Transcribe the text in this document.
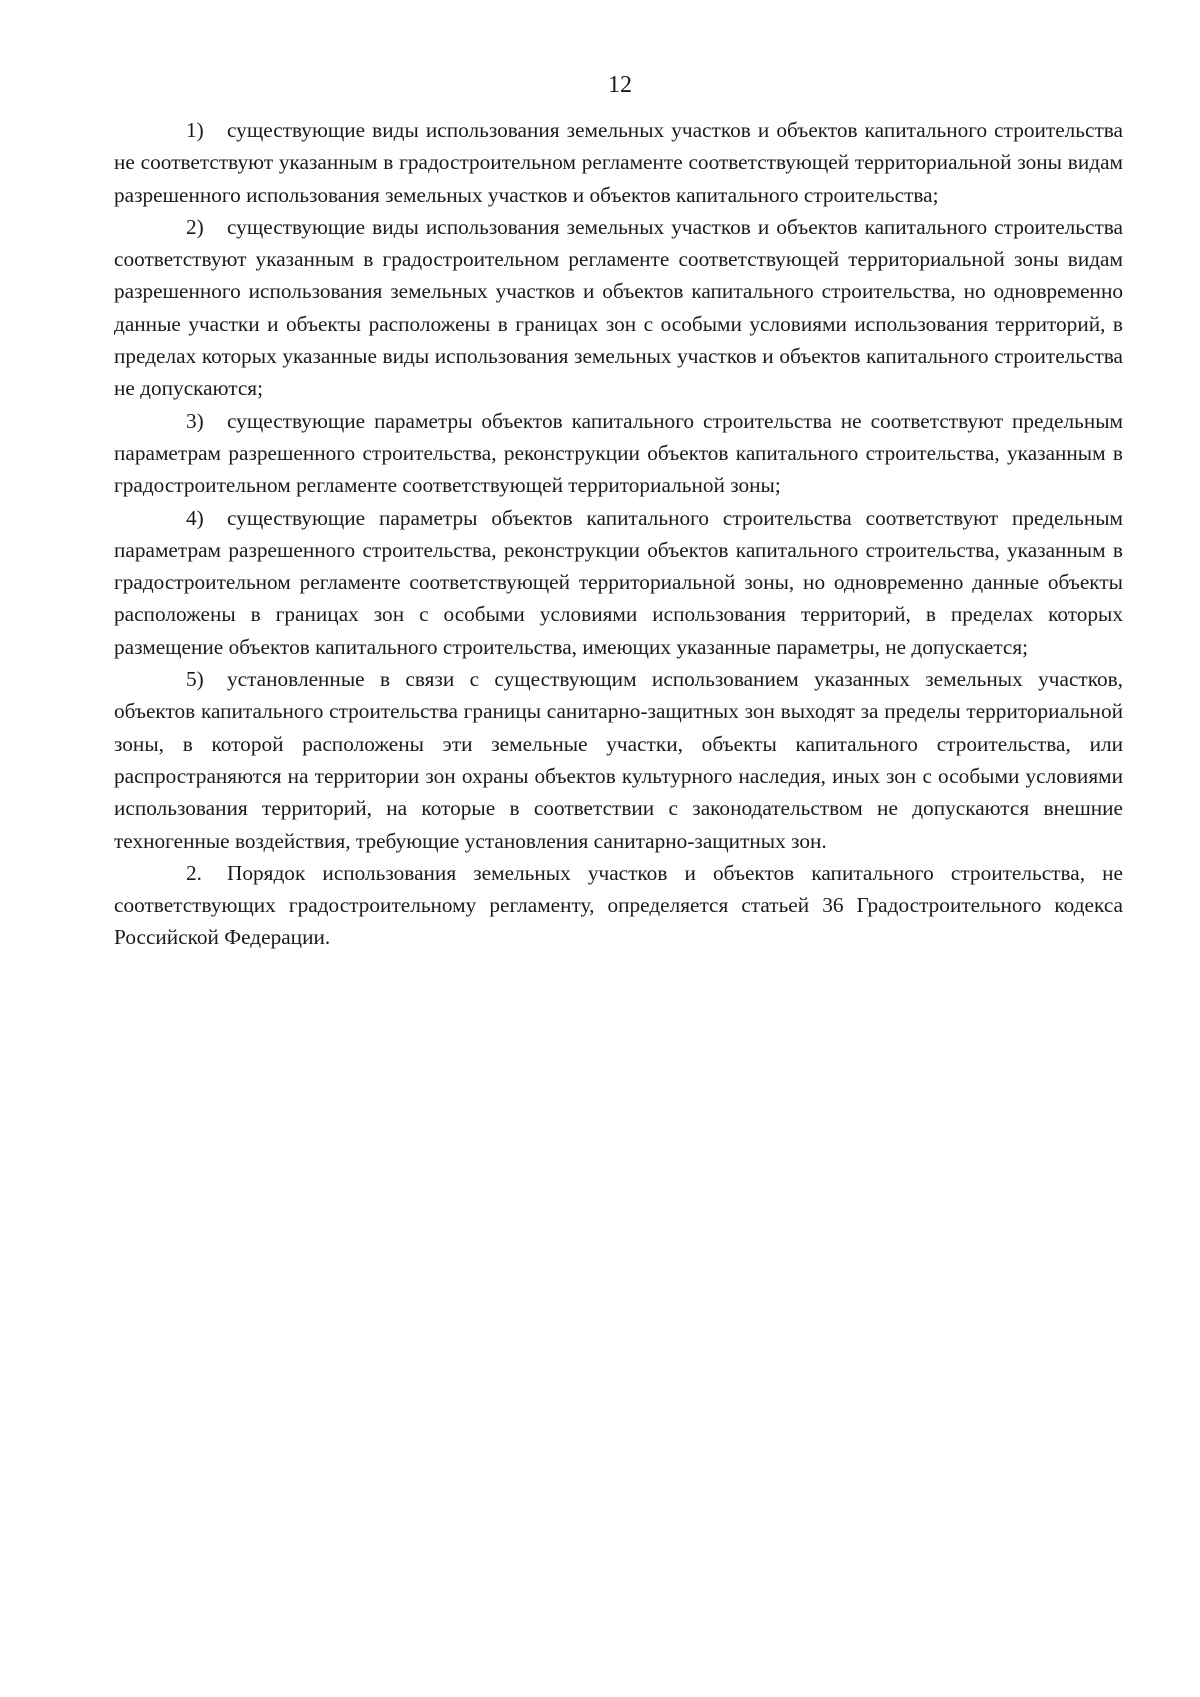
12

1) существующие виды использования земельных участков и объектов капитального строительства не соответствуют указанным в градостроительном регламенте соответствующей территориальной зоны видам разрешенного использования земельных участков и объектов капитального строительства;

2) существующие виды использования земельных участков и объектов капитального строительства соответствуют указанным в градостроительном регламенте соответствующей территориальной зоны видам разрешенного использования земельных участков и объектов капитального строительства, но одновременно данные участки и объекты расположены в границах зон с особыми условиями использования территорий, в пределах которых указанные виды использования земельных участков и объектов капитального строительства не допускаются;

3) существующие параметры объектов капитального строительства не соответствуют предельным параметрам разрешенного строительства, реконструкции объектов капитального строительства, указанным в градостроительном регламенте соответствующей территориальной зоны;

4) существующие параметры объектов капитального строительства соответствуют предельным параметрам разрешенного строительства, реконструкции объектов капитального строительства, указанным в градостроительном регламенте соответствующей территориальной зоны, но одновременно данные объекты расположены в границах зон с особыми условиями использования территорий, в пределах которых размещение объектов капитального строительства, имеющих указанные параметры, не допускается;

5) установленные в связи с существующим использованием указанных земельных участков, объектов капитального строительства границы санитарно-защитных зон выходят за пределы территориальной зоны, в которой расположены эти земельные участки, объекты капитального строительства, или распространяются на территории зон охраны объектов культурного наследия, иных зон с особыми условиями использования территорий, на которые в соответствии с законодательством не допускаются внешние техногенные воздействия, требующие установления санитарно-защитных зон.

2. Порядок использования земельных участков и объектов капитального строительства, не соответствующих градостроительному регламенту, определяется статьей 36 Градостроительного кодекса Российской Федерации.
